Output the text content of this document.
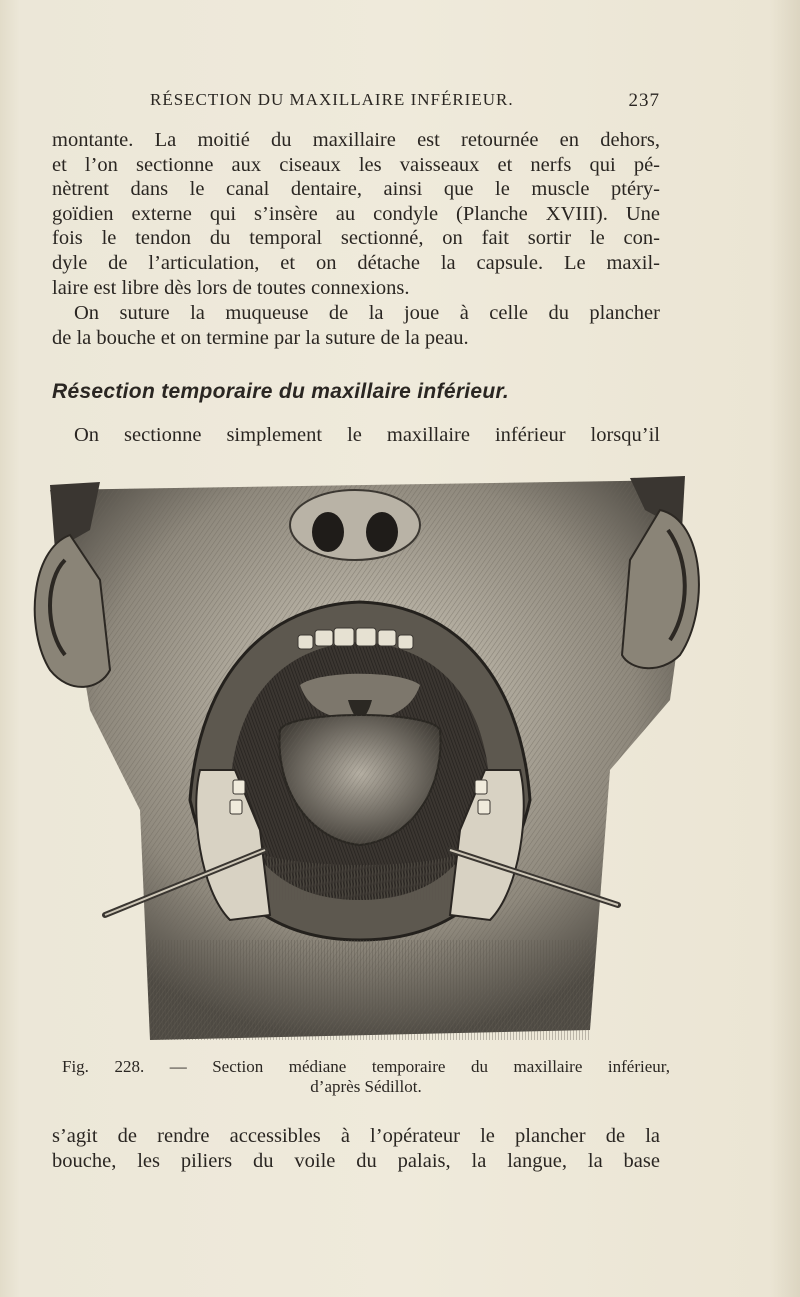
RÉSECTION DU MAXILLAIRE INFÉRIEUR.	237
montante. La moitié du maxillaire est retournée en dehors,
et l’on sectionne aux ciseaux les vaisseaux et nerfs qui pé-
nètrent dans le canal dentaire, ainsi que le muscle ptéry-
goïdien externe qui s’insère au condyle (Planche XVIII). Une
fois le tendon du temporal sectionné, on fait sortir le con-
dyle de l’articulation, et on détache la capsule. Le maxil-
laire est libre dès lors de toutes connexions.
On suture la muqueuse de la joue à celle du plancher
de la bouche et on termine par la suture de la peau.
Résection temporaire du maxillaire inférieur.
On sectionne simplement le maxillaire inférieur lorsqu’il
Fig. 228. — Section médiane temporaire du maxillaire inférieur,
d’après Sédillot.
s’agit de rendre accessibles à l’opérateur le plancher de la
bouche, les piliers du voile du palais, la langue, la base
